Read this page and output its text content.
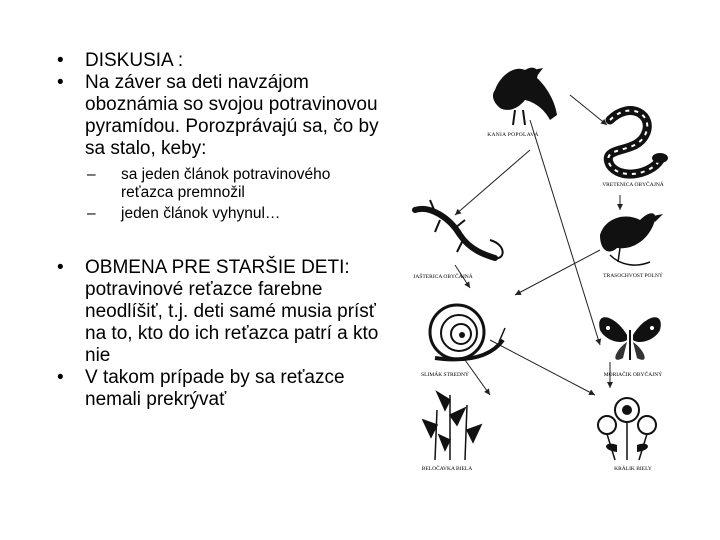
• DISKUSIA :
• Na záver sa deti navzájom oboznámia so svojou potravinovou pyramídou. Porozprávajú sa, čo by sa stalo, keby:
– sa jeden článok potravinového reťazca premnožil
– jeden článok vyhynul…
• OBMENA PRE STARŠIE DETI:
potravinové reťazce farebne neodlíšiť, t.j. deti samé musia prísť na to, kto do ich reťazca patrí a kto nie
• V takom prípade by sa reťazce nemali prekrývať
KANIA POPOLAVÁ
VRETENICA OBYČAJNÁ
TRASOCHVOST POLNÝ
JAŠTERICA OBYČAJNÁ
SLIMÁK STREDNÝ	MORIAČIK OBYČAJNÝ
BELOČAVKA BIELA	KRÁLIK BIELY
